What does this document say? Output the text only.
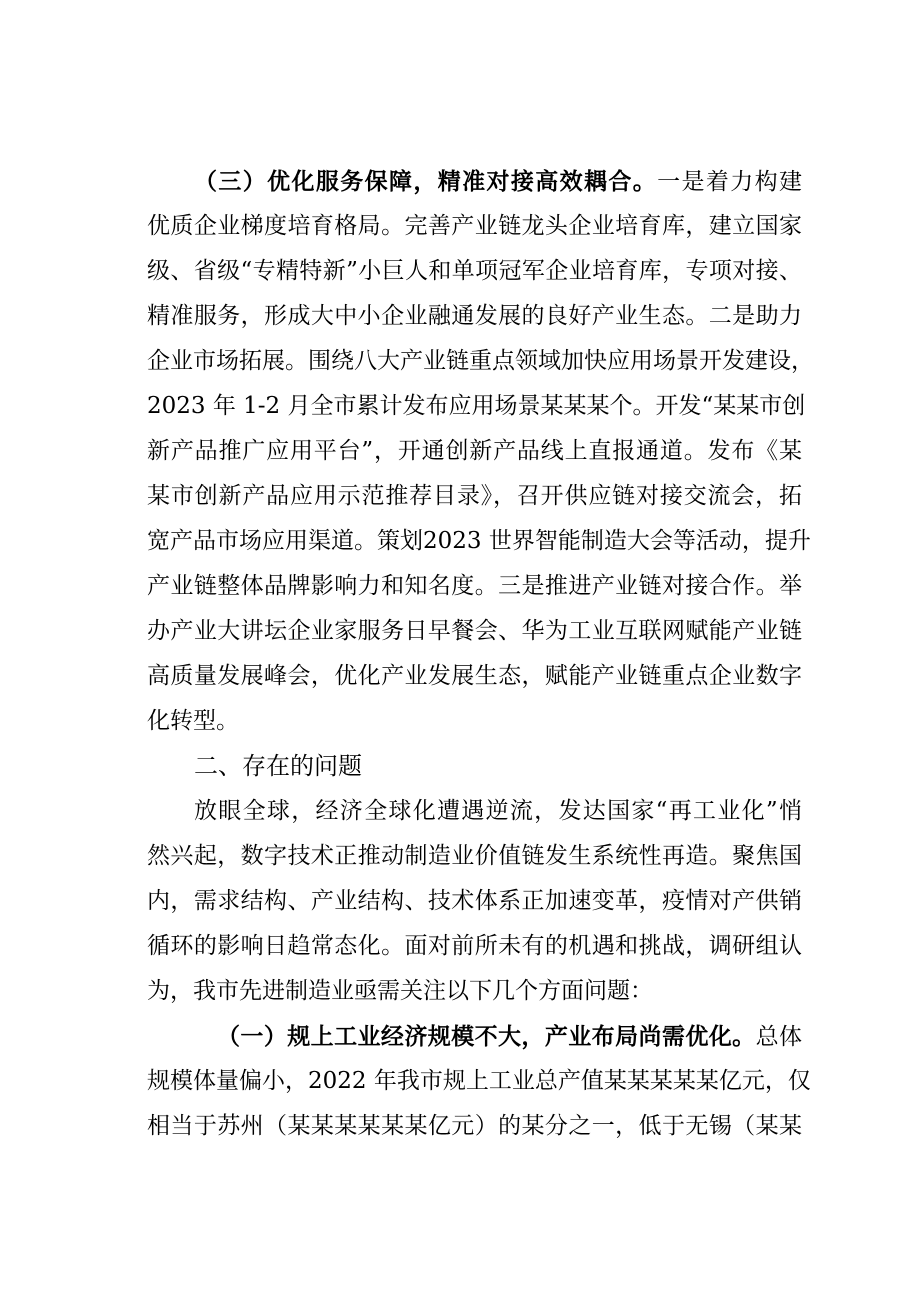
（三）优化服务保障，精准对接高效耦合。一是着力构建
优质企业梯度培育格局。完善产业链龙头企业培育库，建立国家
级、省级“专精特新”小巨人和单项冠军企业培育库，专项对接、
精准服务，形成大中小企业融通发展的良好产业生态。二是助力
企业市场拓展。围绕八大产业链重点领域加快应用场景开发建设，
2023 年 1-2 月全市累计发布应用场景某某某个。开发“某某市创
新产品推广应用平台”，开通创新产品线上直报通道。发布《某
某市创新产品应用示范推荐目录》，召开供应链对接交流会，拓
宽产品市场应用渠道。策划2023 世界智能制造大会等活动，提升
产业链整体品牌影响力和知名度。三是推进产业链对接合作。举
办产业大讲坛企业家服务日早餐会、华为工业互联网赋能产业链
高质量发展峰会，优化产业发展生态，赋能产业链重点企业数字
化转型。
二、存在的问题
放眼全球，经济全球化遭遇逆流，发达国家“再工业化”悄
然兴起，数字技术正推动制造业价值链发生系统性再造。聚焦国
内，需求结构、产业结构、技术体系正加速变革，疫情对产供销
循环的影响日趋常态化。面对前所未有的机遇和挑战，调研组认
为，我市先进制造业亟需关注以下几个方面问题：
（一）规上工业经济规模不大，产业布局尚需优化。总体
规模体量偏小，2022 年我市规上工业总产值某某某某某亿元，仅
相当于苏州（某某某某某某亿元）的某分之一，低于无锡（某某
